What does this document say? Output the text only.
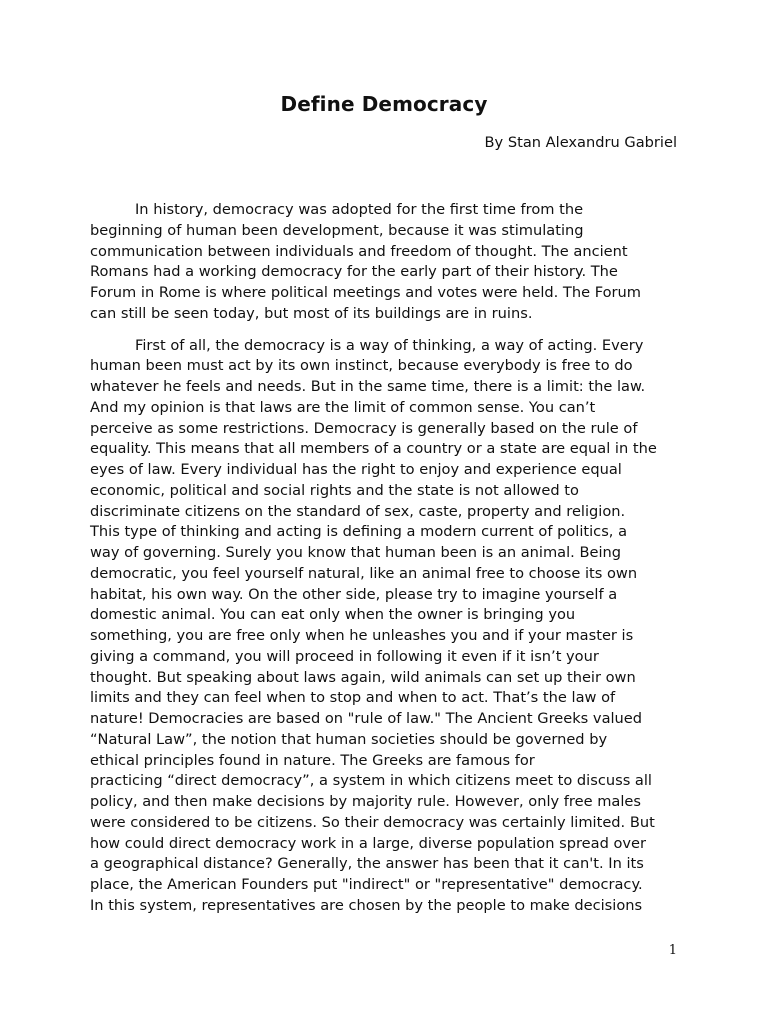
Define Democracy
By Stan Alexandru Gabriel

In history, democracy was adopted for the first time from the
beginning of human been development, because it was stimulating
communication between individuals and freedom of thought. The ancient
Romans had a working democracy for the early part of their history. The
Forum in Rome is where political meetings and votes were held. The Forum
can still be seen today, but most of its buildings are in ruins.

First of all, the democracy is a way of thinking, a way of acting. Every
human been must act by its own instinct, because everybody is free to do
whatever he feels and needs. But in the same time, there is a limit: the law.
And my opinion is that laws are the limit of common sense. You can’t
perceive as some restrictions. Democracy is generally based on the rule of
equality. This means that all members of a country or a state are equal in the
eyes of law. Every individual has the right to enjoy and experience equal
economic, political and social rights and the state is not allowed to
discriminate citizens on the standard of sex, caste, property and religion.
This type of thinking and acting is defining a modern current of politics, a
way of governing. Surely you know that human been is an animal. Being
democratic, you feel yourself natural, like an animal free to choose its own
habitat, his own way. On the other side, please try to imagine yourself a
domestic animal. You can eat only when the owner is bringing you
something, you are free only when he unleashes you and if your master is
giving a command, you will proceed in following it even if it isn’t your
thought. But speaking about laws again, wild animals can set up their own
limits and they can feel when to stop and when to act. That’s the law of
nature! Democracies are based on "rule of law." The Ancient Greeks valued
“Natural Law”, the notion that human societies should be governed by
ethical principles found in nature. The Greeks are famous for
practicing “direct democracy”, a system in which citizens meet to discuss all
policy, and then make decisions by majority rule. However, only free males
were considered to be citizens. So their democracy was certainly limited. But
how could direct democracy work in a large, diverse population spread over
a geographical distance? Generally, the answer has been that it can't. In its
place, the American Founders put "indirect" or "representative" democracy.
In this system, representatives are chosen by the people to make decisions

1
